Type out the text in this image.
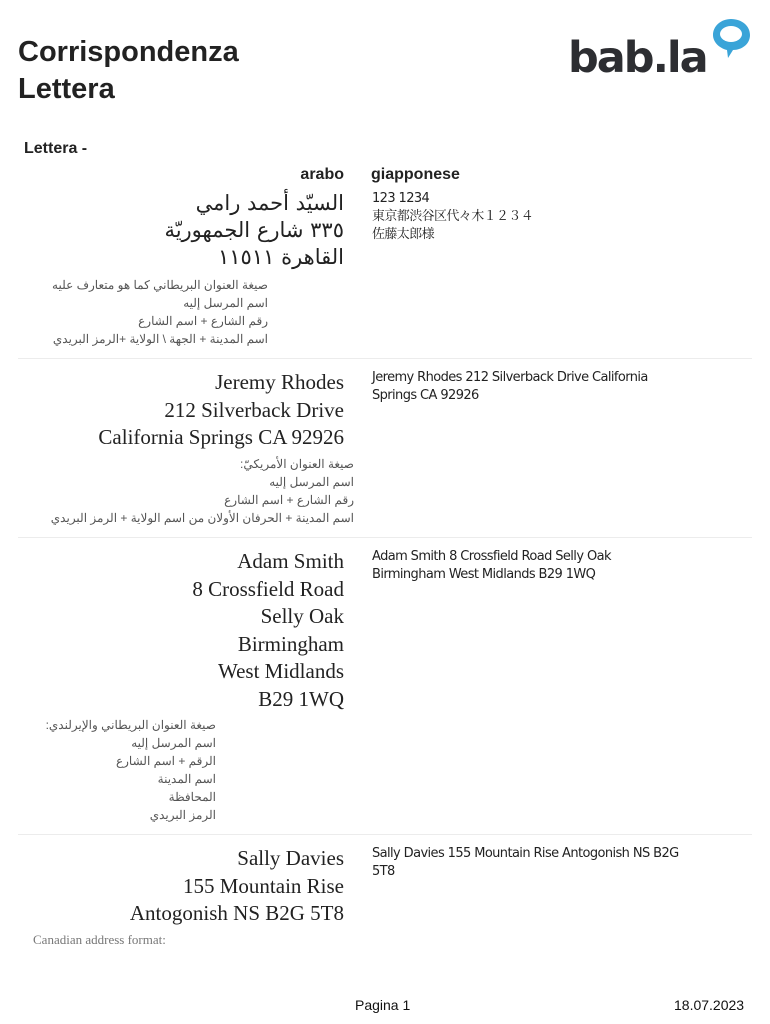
Corrispondenza
Lettera
bab.la
Lettera -
arabo giapponese
السيّد أحمد رامي
٣٣٥ شارع الجمهوريّة
القاهرة ١١٥١١
صيغة العنوان البريطاني كما هو متعارف عليه
اسم المرسل إليه
رقم الشارع + اسم الشارع
اسم المدينة + الجهة \ الولاية +الرمز البريدي
123 1234
東京都渋谷区代々木１２３４
佐藤太郎様
Jeremy Rhodes
212 Silverback Drive
California Springs CA 92926
صيغة العنوان الأمريكيّ:
اسم المرسل إليه
رقم الشارع + اسم الشارع
اسم المدينة + الحرفان الأولان من اسم الولاية + الرمز البريدي
Jeremy Rhodes 212 Silverback Drive California
Springs CA 92926
Adam Smith
8 Crossfield Road
Selly Oak
Birmingham
West Midlands
B29 1WQ
صيغة العنوان البريطاني والإيرلندي:
اسم المرسل إليه
الرقم + اسم الشارع
اسم المدينة
المحافظة
الرمز البريدي
Adam Smith 8 Crossfield Road Selly Oak
Birmingham West Midlands B29 1WQ
Sally Davies
155 Mountain Rise
Antogonish NS B2G 5T8
Canadian address format:
Sally Davies 155 Mountain Rise Antogonish NS B2G
5T8
Pagina 1	18.07.2023
